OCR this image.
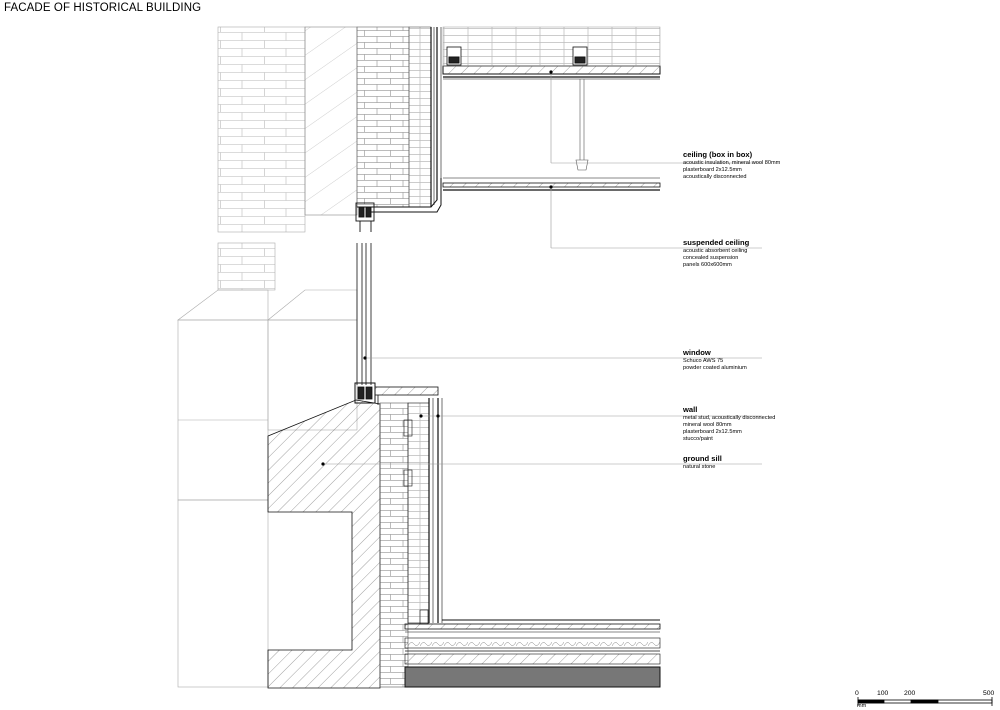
FACADE OF HISTORICAL BUILDING
ceiling (box in box)
acoustic insulation, mineral wool 80mm
plasterboard 2x12.5mm
acoustically disconnected
suspended ceiling
acoustic absorbent ceiling
concealed suspension
panels 600x600mm
window
Schuco AWS 75
powder coated aluminium
wall
metal stud, acoustically disconnected
mineral wool 80mm
plasterboard 2x12.5mm
stucco/paint
ground sill
natural stone
0	100 200	500
mm
